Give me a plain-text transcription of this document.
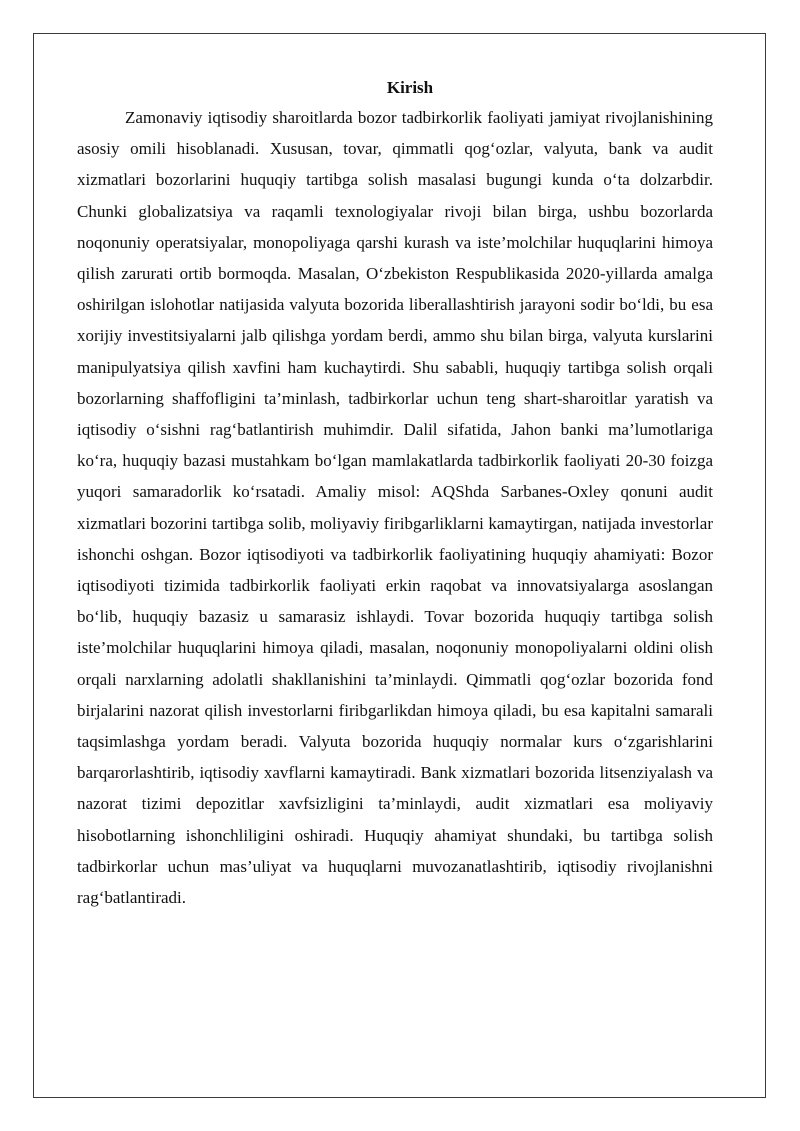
Kirish

Zamonaviy iqtisodiy sharoitlarda bozor tadbirkorlik faoliyati jamiyat rivojlanishining asosiy omili hisoblanadi. Xususan, tovar, qimmatli qog‘ozlar, valyuta, bank va audit xizmatlari bozorlarini huquqiy tartibga solish masalasi bugungi kunda o‘ta dolzarbdir. Chunki globalizatsiya va raqamli texnologiyalar rivoji bilan birga, ushbu bozorlarda noqonuniy operatsiyalar, monopoliyaga qarshi kurash va iste’molchilar huquqlarini himoya qilish zarurati ortib bormoqda. Masalan, O‘zbekiston Respublikasida 2020-yillarda amalga oshirilgan islohotlar natijasida valyuta bozorida liberallashtirish jarayoni sodir bo‘ldi, bu esa xorijiy investitsiyalarni jalb qilishga yordam berdi, ammo shu bilan birga, valyuta kurslarini manipulyatsiya qilish xavfini ham kuchaytirdi. Shu sababli, huquqiy tartibga solish orqali bozorlarning shaffofligini ta’minlash, tadbirkorlar uchun teng shart-sharoitlar yaratish va iqtisodiy o‘sishni rag‘batlantirish muhimdir. Dalil sifatida, Jahon banki ma’lumotlariga ko‘ra, huquqiy bazasi mustahkam bo‘lgan mamlakatlarda tadbirkorlik faoliyati 20-30 foizga yuqori samaradorlik ko‘rsatadi. Amaliy misol: AQShda Sarbanes-Oxley qonuni audit xizmatlari bozorini tartibga solib, moliyaviy firibgarliklarni kamaytirgan, natijada investorlar ishonchi oshgan. Bozor iqtisodiyoti va tadbirkorlik faoliyatining huquqiy ahamiyati: Bozor iqtisodiyoti tizimida tadbirkorlik faoliyati erkin raqobat va innovatsiyalarga asoslangan bo‘lib, huquqiy bazasiz u samarasiz ishlaydi. Tovar bozorida huquqiy tartibga solish iste’molchilar huquqlarini himoya qiladi, masalan, noqonuniy monopoliyalarni oldini olish orqali narxlarning adolatli shakllanishini ta’minlaydi. Qimmatli qog‘ozlar bozorida fond birjalarini nazorat qilish investorlarni firibgarlikdan himoya qiladi, bu esa kapitalni samarali taqsimlashga yordam beradi. Valyuta bozorida huquqiy normalar kurs o‘zgarishlarini barqarorlashtirib, iqtisodiy xavflarni kamaytiradi. Bank xizmatlari bozorida litsenziyalash va nazorat tizimi depozitlar xavfsizligini ta’minlaydi, audit xizmatlari esa moliyaviy hisobotlarning ishonchliligini oshiradi. Huquqiy ahamiyat shundaki, bu tartibga solish tadbirkorlar uchun mas’uliyat va huquqlarni muvozanatlashtirib, iqtisodiy rivojlanishni rag‘batlantiradi.
